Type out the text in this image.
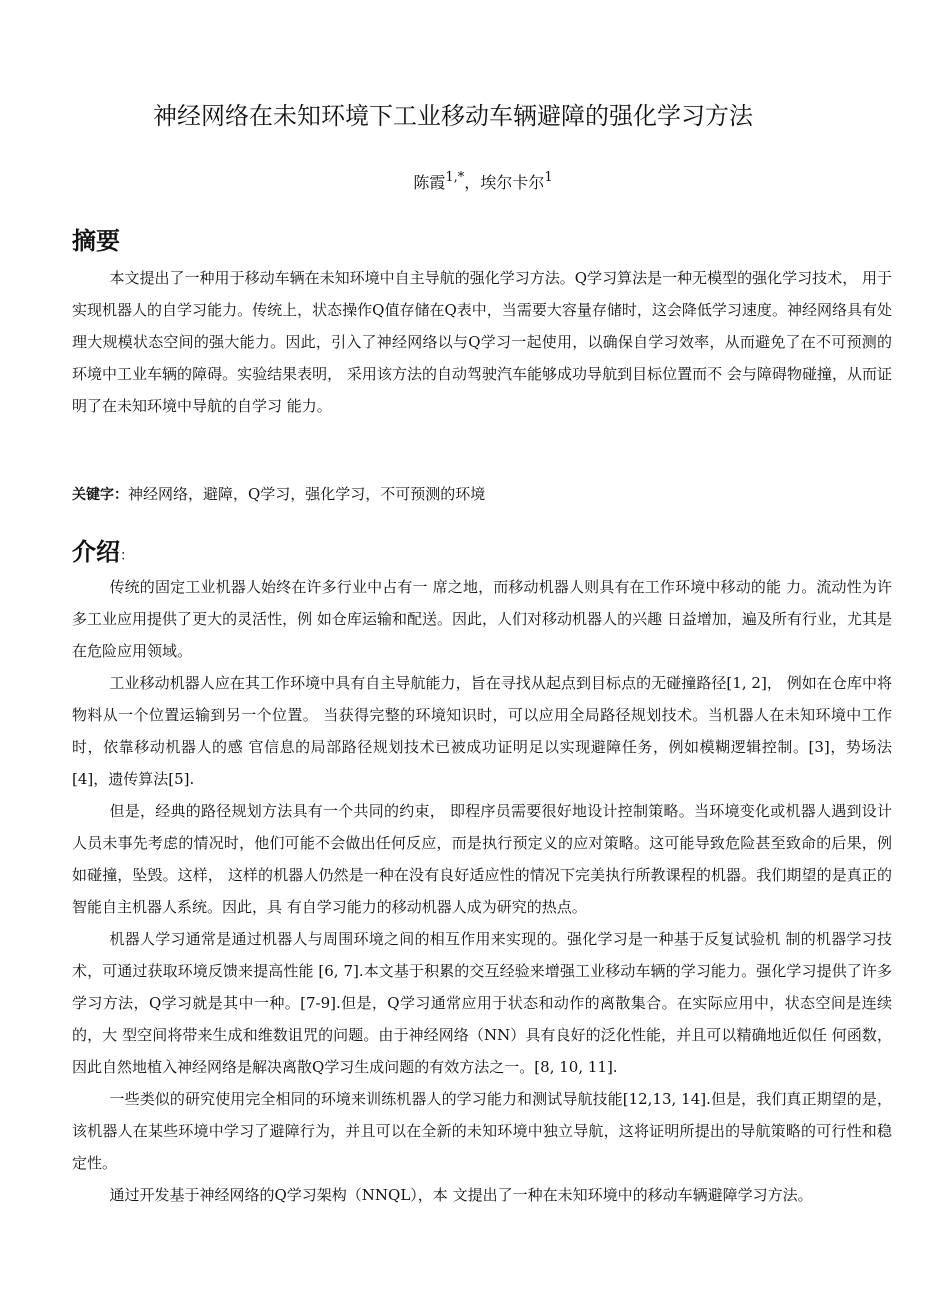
神经网络在未知环境下工业移动车辆避障的强化学习方法
陈霞$^{1,*}$，埃尔卡尔$^1$
摘要

本文提出了一种用于移动车辆在未知环境中自主导航的强化学习方法。Q学习算法是一种无模型的强化学习技术， 用于实现机器人的自学习能力。传统上，状态操作Q值存储在Q表中，当需要大容量存储时，这会降低学习速度。神经网络具有处理大规模状态空间的强大能力。因此，引入了神经网络以与Q学习一起使用，以确保自学习效率，从而避免了在不可预测的环境中工业车辆的障碍。实验结果表明， 采用该方法的自动驾驶汽车能够成功导航到目标位置而不 会与障碍物碰撞，从而证明了在未知环境中导航的自学习 能力。

关键字：神经网络，避障，Q学习，强化学习，不可预测的环境
介绍：

传统的固定工业机器人始终在许多行业中占有一 席之地，而移动机器人则具有在工作环境中移动的能 力。流动性为许多工业应用提供了更大的灵活性，例 如仓库运输和配送。因此，人们对移动机器人的兴趣 日益增加，遍及所有行业，尤其是在危险应用领域。

工业移动机器人应在其工作环境中具有自主导航能力，旨在寻找从起点到目标点的无碰撞路径[1, 2]， 例如在仓库中将物料从一个位置运输到另一个位置。 当获得完整的环境知识时，可以应用全局路径规划技术。当机器人在未知环境中工作时，依靠移动机器人的感 官信息的局部路径规划技术已被成功证明足以实现避障任务，例如模糊逻辑控制。[3]，势场法[4]，遗传算法[5].

但是，经典的路径规划方法具有一个共同的约束， 即程序员需要很好地设计控制策略。当环境变化或机器人遇到设计人员未事先考虑的情况时，他们可能不会做出任何反应，而是执行预定义的应对策略。这可能导致危险甚至致命的后果，例如碰撞，坠毁。这样， 这样的机器人仍然是一种在没有良好适应性的情况下完美执行所教课程的机器。我们期望的是真正的智能自主机器人系统。因此，具 有自学习能力的移动机器人成为研究的热点。

机器人学习通常是通过机器人与周围环境之间的相互作用来实现的。强化学习是一种基于反复试验机 制的机器学习技术，可通过获取环境反馈来提高性能 [6, 7].本文基于积累的交互经验来增强工业移动车辆的学习能力。强化学习提供了许多学习方法，Q学习就是其中一种。[7-9].但是，Q学习通常应用于状态和动作的离散集合。在实际应用中，状态空间是连续的，大 型空间将带来生成和维数诅咒的问题。由于神经网络（NN）具有良好的泛化性能，并且可以精确地近似任 何函数，因此自然地植入神经网络是解决离散Q学习生成问题的有效方法之一。[8, 10, 11].

一些类似的研究使用完全相同的环境来训练机器人的学习能力和测试导航技能[12,13, 14].但是，我们真正期望的是，该机器人在某些环境中学习了避障行为，并且可以在全新的未知环境中独立导航，这将证明所提出的导航策略的可行性和稳定性。

通过开发基于神经网络的Q学习架构（NNQL），本 文提出了一种在未知环境中的移动车辆避障学习方法。
